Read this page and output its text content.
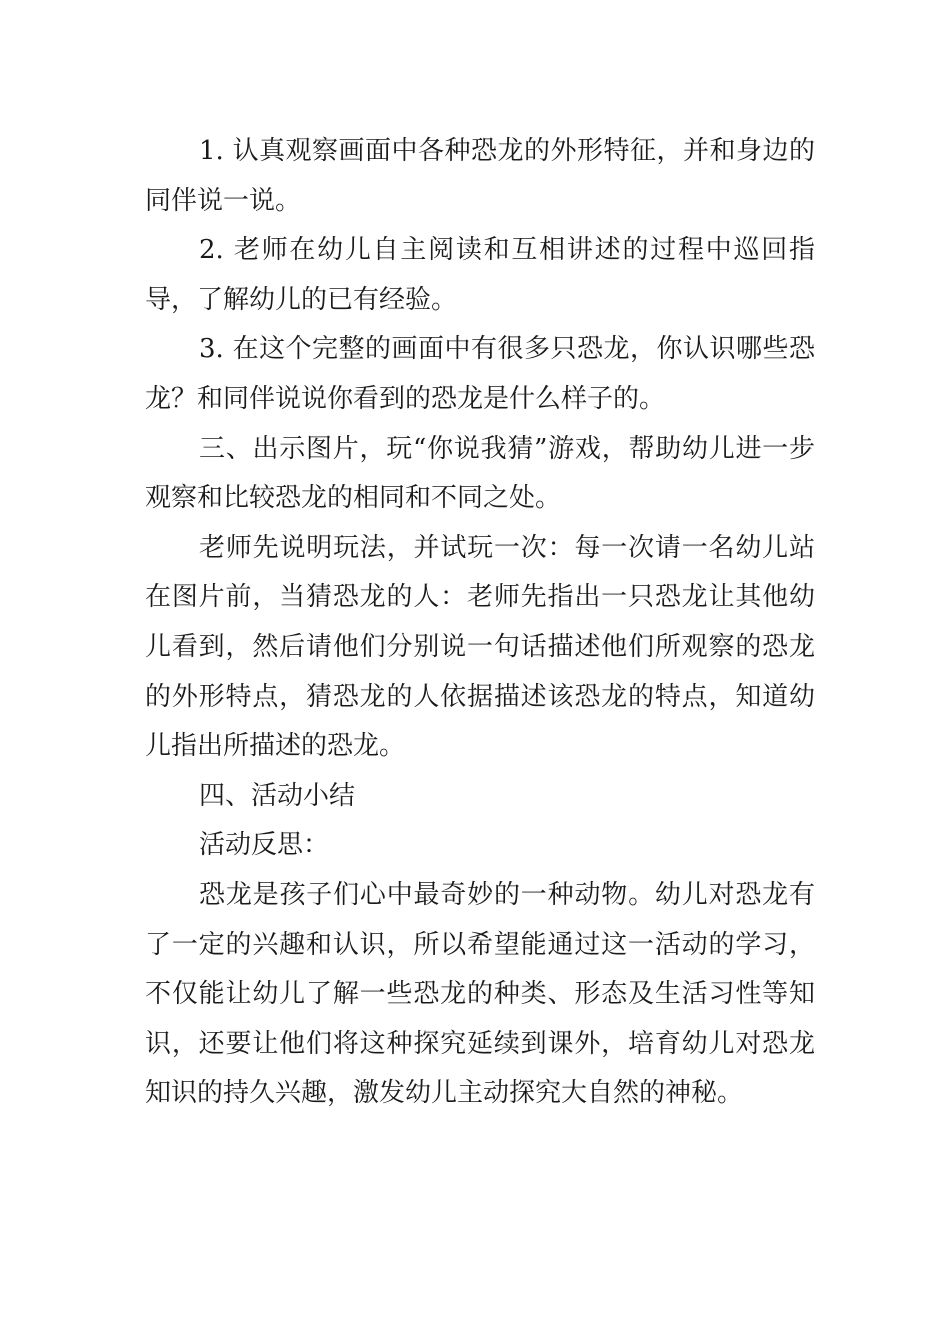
1. 认真观察画面中各种恐龙的外形特征，并和身边的同伴说一说。

2. 老师在幼儿自主阅读和互相讲述的过程中巡回指导，了解幼儿的已有经验。

3. 在这个完整的画面中有很多只恐龙，你认识哪些恐龙？和同伴说说你看到的恐龙是什么样子的。

三、出示图片，玩“你说我猜”游戏，帮助幼儿进一步观察和比较恐龙的相同和不同之处。

老师先说明玩法，并试玩一次：每一次请一名幼儿站在图片前，当猜恐龙的人：老师先指出一只恐龙让其他幼儿看到，然后请他们分别说一句话描述他们所观察的恐龙的外形特点，猜恐龙的人依据描述该恐龙的特点，知道幼儿指出所描述的恐龙。

四、活动小结

活动反思：

恐龙是孩子们心中最奇妙的一种动物。幼儿对恐龙有了一定的兴趣和认识，所以希望能通过这一活动的学习，不仅能让幼儿了解一些恐龙的种类、形态及生活习性等知识，还要让他们将这种探究延续到课外，培育幼儿对恐龙知识的持久兴趣，激发幼儿主动探究大自然的神秘。
